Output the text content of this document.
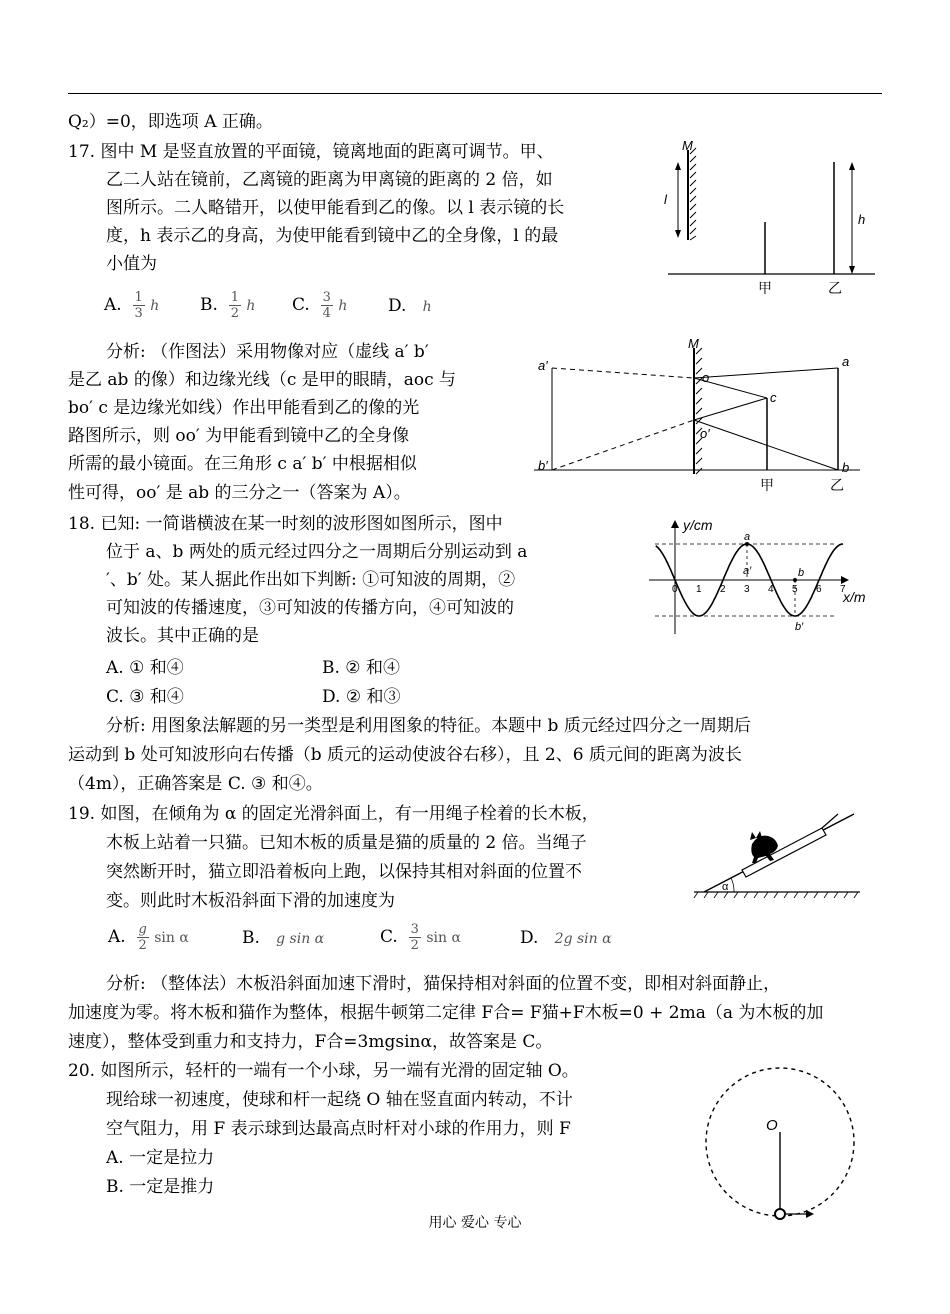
Q₂）=0，即选项 A 正确。
17. 图中 M 是竖直放置的平面镜，镜离地面的距离可调节。甲、
乙二人站在镜前，乙离镜的距离为甲离镜的距离的 2 倍，如
图所示。二人略错开，以使甲能看到乙的像。以 l 表示镜的长
度，h 表示乙的身高，为使甲能看到镜中乙的全身像，l 的最
小值为
A. $\frac{1}{3}$ h B. $\frac{1}{2}$ h C. $\frac{3}{4}$ h D. h
分析: （作图法）采用物像对应（虚线 a′ b′
是乙 ab 的像）和边缘光线（c 是甲的眼睛，aoc 与
bo′ c 是边缘光如线）作出甲能看到乙的像的光
路图所示，则 oo′ 为甲能看到镜中乙的全身像
所需的最小镜面。在三角形 c a′ b′ 中根据相似
性可得，oo′ 是 ab 的三分之一（答案为 A）。
18. 已知: 一简谐横波在某一时刻的波形图如图所示，图中
位于 a、b 两处的质元经过四分之一周期后分别运动到 a
′、b′ 处。某人据此作出如下判断: ①可知波的周期，②
可知波的传播速度，③可知波的传播方向，④可知波的
波长。其中正确的是
A. ① 和④	B. ② 和④
C. ③ 和④	D. ② 和③
分析: 用图象法解题的另一类型是利用图象的特征。本题中 b 质元经过四分之一周期后
运动到 b 处可知波形向右传播（b 质元的运动使波谷右移），且 2、6 质元间的距离为波长
（4m），正确答案是 C. ③ 和④。
19. 如图，在倾角为 α 的固定光滑斜面上，有一用绳子栓着的长木板，
木板上站着一只猫。已知木板的质量是猫的质量的 2 倍。当绳子
突然断开时，猫立即沿着板向上跑，以保持其相对斜面的位置不
变。则此时木板沿斜面下滑的加速度为
A. $\frac{g}{2}$ sin α	B. g sin α	C. $\frac{3}{2}$ sin α	D. 2g sin α
分析: （整体法）木板沿斜面加速下滑时，猫保持相对斜面的位置不变，即相对斜面静止，
加速度为零。将木板和猫作为整体，根据牛顿第二定律 F合= F猫+F木板=0 + 2ma（a 为木板的加
速度），整体受到重力和支持力，F合=3mgsinα，故答案是 C。
20. 如图所示，轻杆的一端有一个小球，另一端有光滑的固定轴 O。
现给球一初速度，使球和杆一起绕 O 轴在竖直面内转动，不计
空气阻力，用 F 表示球到达最高点时杆对小球的作用力，则 F
A. 一定是拉力
B. 一定是推力
M
l
h
甲	乙
M
a′
b′
o
o′
c
a
b
甲	乙
y/cm
x/m
0 1 2 3 4 5 6 7
a
a′	b
b′
α
O
用心 爱心 专心
